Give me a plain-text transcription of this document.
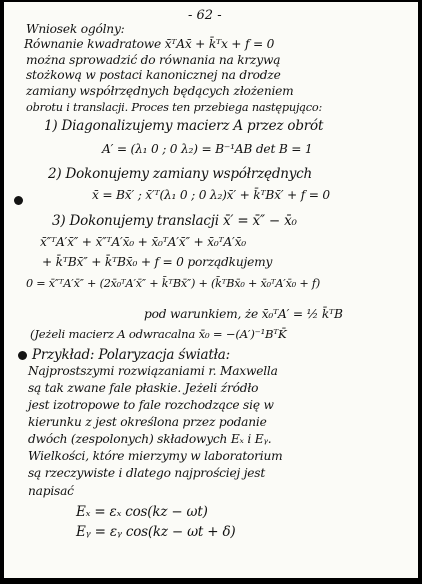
- 62 -
Wniosek ogólny:
Równanie kwadratowe x̄ᵀAx̄ + k̄ᵀx + f = 0
można sprowadzić do równania na krzywą
stożkową w postaci kanonicznej na drodze
zamiany współrzędnych będących złożeniem
obrotu i translacji. Proces ten przebiega następująco:
1) Diagonalizujemy macierz A przez obrót
A′ = (λ₁ 0 ; 0 λ₂) = B⁻¹AB det B = 1
2) Dokonujemy zamiany współrzędnych
x̄ = Bx̄′ ; x̄′ᵀ(λ₁ 0 ; 0 λ₂)x̄′ + k̄ᵀBx̄′ + f = 0
3) Dokonujemy translacji x̄′ = x̄″ − x̄₀
x̄″ᵀA′x̄″ + x̄″ᵀA′x̄₀ + x̄₀ᵀA′x̄″ + x̄₀ᵀA′x̄₀
+ k̄ᵀBx̄″ + k̄ᵀBx̄₀ + f = 0 porządkujemy
0 = x̄″ᵀA′x̄″ + (2x̄₀ᵀA′x̄″ + k̄ᵀBx̄″) + (k̄ᵀBx̄₀ + x̄₀ᵀA′x̄₀ + f)
pod warunkiem, że x̄₀ᵀA′ = ½ k̄ᵀB
(Jeżeli macierz A odwracalna x̄₀ = −(A′)⁻¹BᵀK̄
Przykład: Polaryzacja światła:
Najprostszymi rozwiązaniami r. Maxwella
są tak zwane fale płaskie. Jeżeli źródło
jest izotropowe to fale rozchodzące się w
kierunku z jest określona przez podanie
dwóch (zespolonych) składowych Eₓ i Eᵧ.
Wielkości, które mierzymy w laboratorium
są rzeczywiste i dlatego najprościej jest
napisać
Eₓ = εₓ cos(kz − ωt)
Eᵧ = εᵧ cos(kz − ωt + δ)
